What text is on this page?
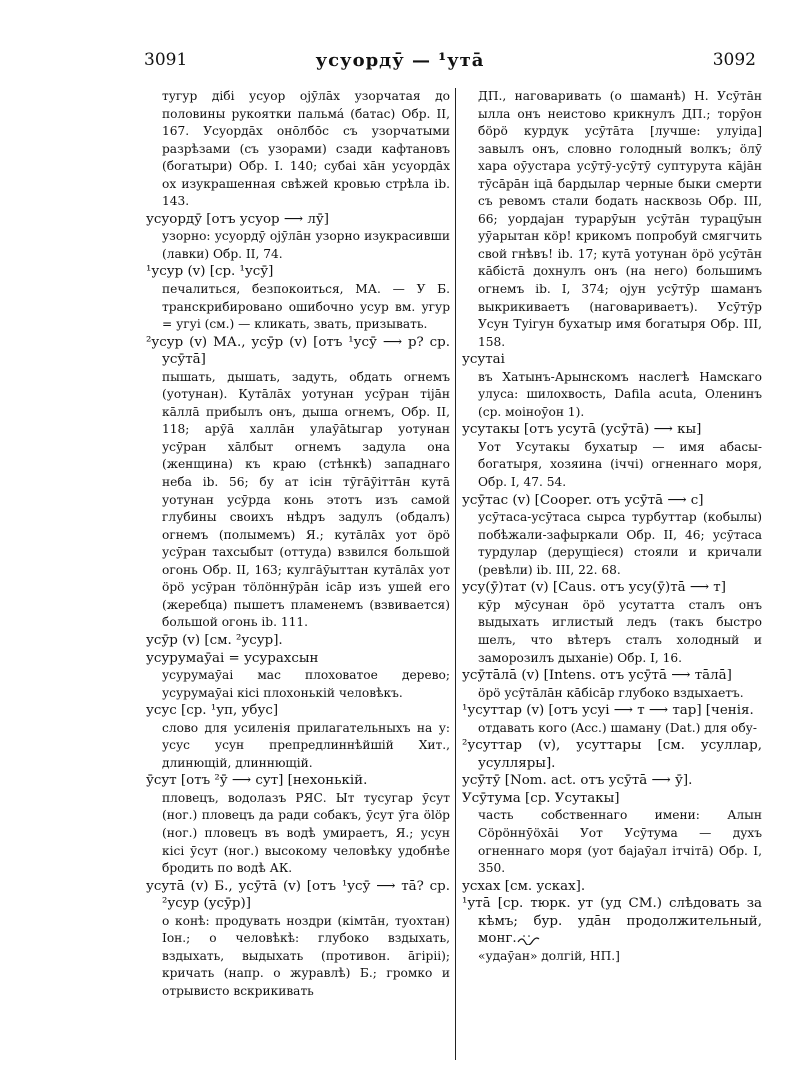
3091	усуордӯ — ¹утā	3092

тугур дiбi усуор оjӯлāх узорчатая до половины рукоятки пальмá (батас) Обр. II, 167. Усуордāх онōлбōс съ узорчатыми разрѣзами (съ узорами) сзади кафтановъ (богатыри) Обр. I. 140; субаі хāн усуордāх ох изукрашенная свѣжей кровью стрѣла ib. 143.

усуордӯ [отъ усуор ⟶ лӯ]

узорно: усуордӯ оjӯлāн узорно изукрасивши (лавки) Обр. II, 74.

¹усур (v) [ср. ¹усӯ]

печалиться, безпокоиться, МА. — У Б. транскрибировано ошибочно усур вм. угур = угуi (см.) — кликать, звать, призывать.

²усур (v) МА., усӯр (v) [отъ ¹усӯ ⟶ р? ср. усӯтā]

пышать, дышать, задуть, обдать огнемъ (уотунан). Кутāлāх уотунан усӯран тiјāн кāллā прибылъ онъ, дыша огнемъ, Обр. II, 118; арӯā халлāн улаӯātыгар уотунан усӯран хāлбыт огнемъ задула она (женщина) къ краю (стѣнкѣ) западнаго неба ib. 56; бу ат iсiн тӯгāӯiттāн кутā уотунан усӯрда конь этотъ изъ самой глубины своихъ нѣдръ задулъ (обдалъ) огнемъ (полымемъ) Я.; кутāлāх уот öрö усӯран тахсыбыт (оттуда) взвился большой огонь Обр. II, 163; кулгāӯыттан кутāлāх уот öрö усӯран тöлöннӯрāн iсāр изъ ушей его (жеребца) пышетъ пламенемъ (взвивается) большой огонь ib. 111.

усӯр (v) [см. ²усур].

усурумаӯаi = усурахсын

усурумаӯаi мас плоховатое дерево; усурумаӯаi кiсi плохонькій человѣкъ.

усус [ср. ¹уп, убус]

слово для усиленія прилагательныхъ на у: усус усун препредлиннѣйшій Хит., длинющій, длиннющій.

ӯсут [отъ ²ӯ ⟶ сут] [нехонькій.

пловецъ, водолазъ РЯС. Ыт тусугар ӯсут (ног.) пловецъ да ради собакъ, ӯсут ӯга ölöр (ног.) пловецъ въ водѣ умираетъ, Я.; усун кiсi ӯсут (ног.) высокому человѣку удобнѣе бродить по водѣ АК.

усутā (v) Б., усӯтā (v) [отъ ¹усӯ ⟶ тā? ср. ²усур (усӯр)]

о конѣ: продувать ноздри (кiмтāн, туохтан) Іон.; о человѣкѣ: глубоко вздыхать, вздыхать, выдыхать (противон. āгiрiі); кричать (напр. о журавлѣ) Б.; громко и отрывисто вскрикивать

ДП., наговаривать (о шаманѣ) Н. Усӯтāн ылла онъ неистово крикнулъ ДП.; торӯон бöрö курдук усӯтāта [лучше: улуiда] завылъ онъ, словно голодный волкъ; öлӯ хара оӯустара усӯтӯ-усӯтӯ суптурута кājāн тӯсāрāн iцā бардылар черные быки смерти съ ревомъ стали бодать насквозь Обр. III, 66; уордајан турарӯын усӯтāн турацӯын уӯарытан кöр! крикомъ попробуй смягчить свой гнѣвъ! ib. 17; кутā уотунан öрö усӯтāн кāбiстā дохнулъ онъ (на него) большимъ огнемъ ib. I, 374; оjун усӯтӯр шаманъ выкрикиваетъ (наговариваетъ). Усӯтӯр Усун Туiгун бухатыр имя богатыря Обр. III, 158.

усутаі

въ Хатынъ-Арынскомъ наслегѣ Намскаго улуса: шилохвость, Dafila acuta, Оленинъ (ср. моiноӯон 1).

усутакы [отъ усутā (усӯтā) ⟶ кы]

Уот Усутакы бухатыр — имя абасы-богатыря, хозяина (iччi) огненнаго моря, Обр. I, 47. 54.

усӯтас (v) [Cooper. отъ усӯтā ⟶ с]

усӯтаса-усӯтаса сырса турбуттар (кобылы) побѣжали-зафыркали Обр. II, 46; усӯтаса турдулар (дерущіеся) стояли и кричали (ревѣли) ib. III, 22. 68.

усу(ӯ)тат (v) [Caus. отъ усу(ӯ)тā ⟶ т]

кӯр мӯсунан öрö усутатта сталъ онъ выдыхать иглистый ледъ (такъ быстро шелъ, что вѣтеръ сталъ холодный и заморозилъ дыханіе) Обр. I, 16.

усӯтāлā (v) [Intens. отъ усӯтā ⟶ тāлā]

öрö усӯтāлāн кāбiсāр глубоко вздыхаетъ.

¹усуттар (v) [отъ усуi ⟶ т ⟶ тар] [ченія.

отдавать кого (Acc.) шаману (Dat.) для обу-

²усуттар (v), усуттары [см. усуллар, усулляры].

усӯтӯ [Nom. act. отъ усӯтā ⟶ ӯ].

Усӯтума [ср. Усутакы]

часть собственнаго имени: Алын Сöрöннӯöхāi Уот Усӯтума — духъ огненнаго моря (уот баjаӯал iтчiтā) Обр. I, 350.

усхах [см. усках].

¹утā [ср. тюрк. ут (уд СМ.) слѣдовать за кѣмъ; бур. удāн продолжительный, монг.

«удаӯан» долгій, НП.]
